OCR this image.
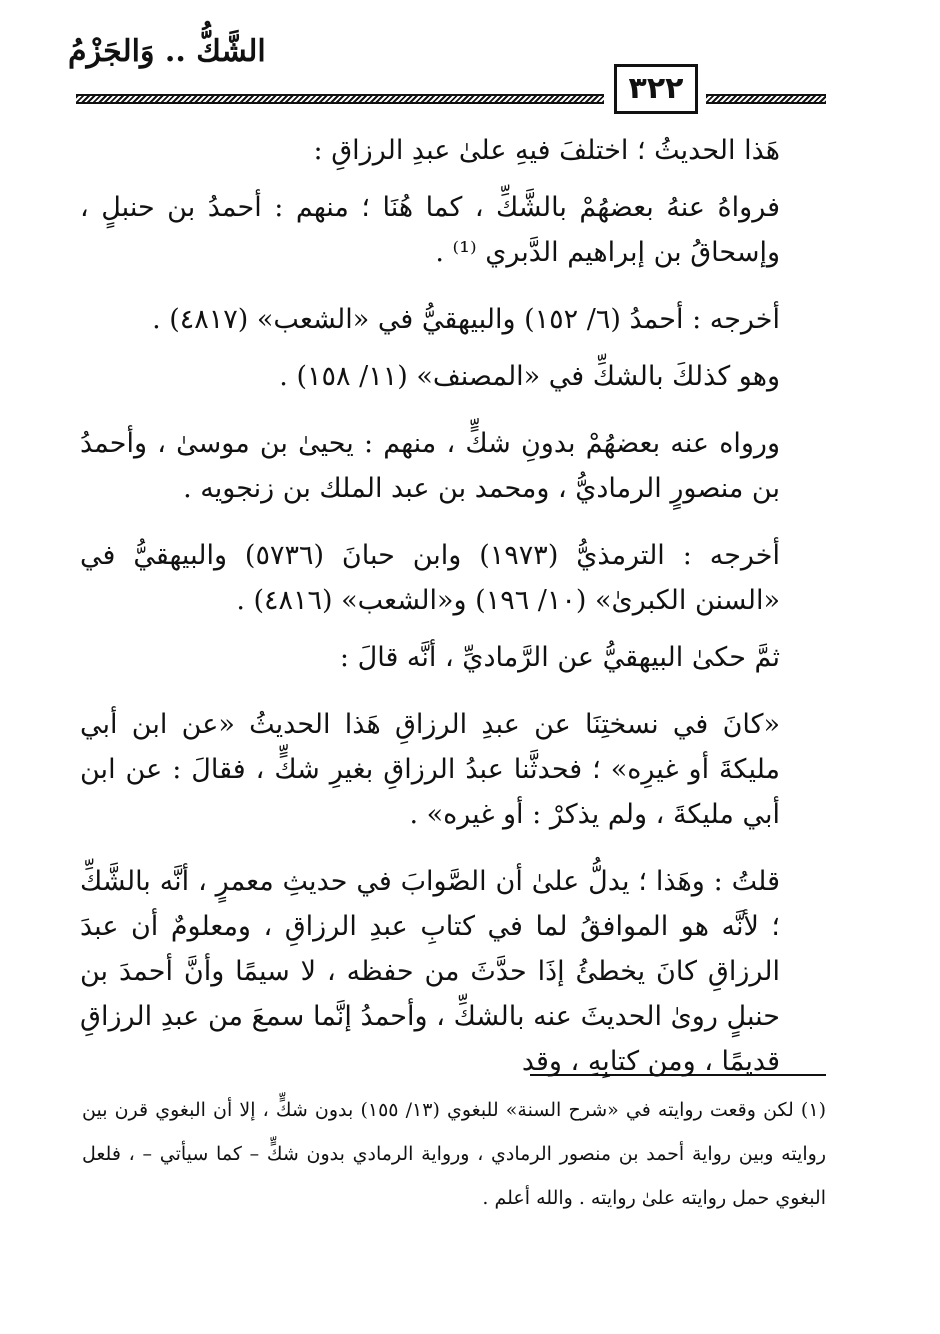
الشَّكُّ .. وَالجَزْمُ
٣٢٢

هَذا الحديثُ ؛ اختلفَ فيهِ علىٰ عبدِ الرزاقِ :

فرواهُ عنهُ بعضهُمْ بالشَّكِّ ، كما هُنَا ؛ منهم : أحمدُ بن حنبلٍ ، وإسحاقُ بن إبراهيم الدَّبري ⁽¹⁾ .

أخرجه : أحمدُ (٦/ ١٥٢) والبيهقيُّ في «الشعب» (٤٨١٧) .

وهو كذلكَ بالشكِّ في «المصنف» (١١/ ١٥٨) .

ورواه عنه بعضهُمْ بدونِ شكٍّ ، منهم : يحيىٰ بن موسىٰ ، وأحمدُ بن منصورٍ الرماديُّ ، ومحمد بن عبد الملك بن زنجويه .

أخرجه : الترمذيُّ (١٩٧٣) وابن حبانَ (٥٧٣٦) والبيهقيُّ في «السنن الكبرىٰ» (١٠/ ١٩٦) و«الشعب» (٤٨١٦) .

ثمَّ حكىٰ البيهقيُّ عن الرَّماديِّ ، أنَّه قالَ :

«كانَ في نسختِنَا عن عبدِ الرزاقِ هَذا الحديثُ «عن ابن أبي مليكةَ أو غيرِه» ؛ فحدثَّنا عبدُ الرزاقِ بغيرِ شكٍّ ، فقالَ : عن ابن أبي مليكةَ ، ولم يذكرْ : أو غيره» .

قلتُ : وهَذا ؛ يدلُّ علىٰ أن الصَّوابَ في حديثِ معمرٍ ، أنَّه بالشَّكِّ ؛ لأنَّه هو الموافقُ لما في كتابِ عبدِ الرزاقِ ، ومعلومٌ أن عبدَ الرزاقِ كانَ يخطئُ إذَا حدَّثَ من حفظه ، لا سيمًا وأنَّ أحمدَ بن حنبلٍ روىٰ الحديثَ عنه بالشكِّ ، وأحمدُ إنَّما سمعَ من عبدِ الرزاقِ قديمًا ، ومن كتابِهِ ، وقد

(١) لكن وقعت روايته في «شرح السنة» للبغوي (١٣/ ١٥٥) بدون شكٍّ ، إلا أن البغوي قرن بين روايته وبين رواية أحمد بن منصور الرمادي ، ورواية الرمادي بدون شكٍّ – كما سيأتي – ، فلعل البغوي حمل روايته علىٰ روايته . والله أعلم .
